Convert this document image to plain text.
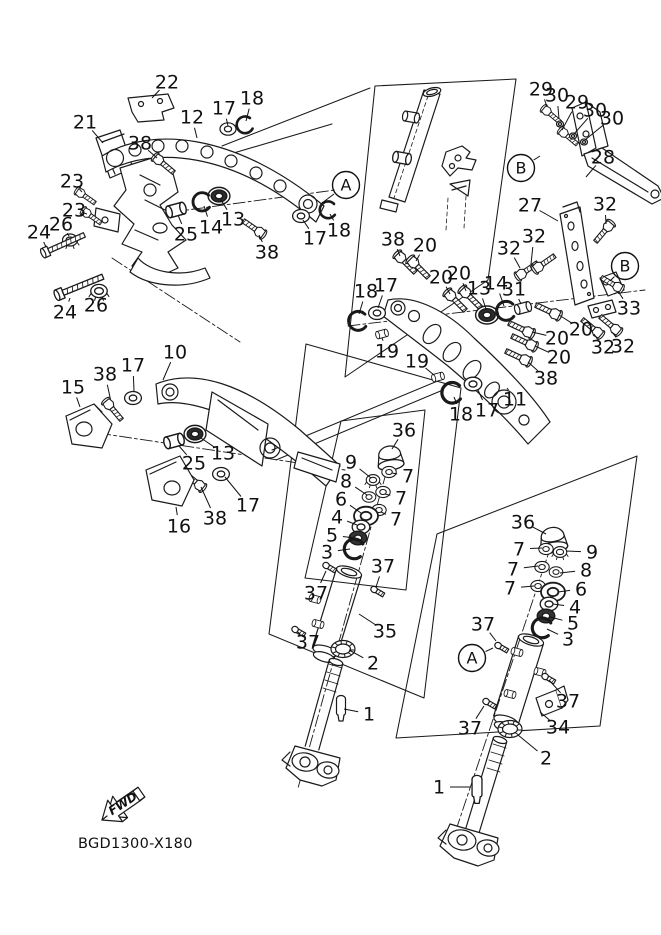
BGD1300-X180
FWD
22
21	12 17 18
38
23
23
26
24
24 26
25 14
13
38
17 18
A
29
30
29
30
30
28
B
27	32
32
32
B
33
32
32
38 20
18
17 20
20
13
14
31
19 19
20
20
20
38
18 17 11
10
15
38 17
25 13
16 38
17
36
9
7
8
7
6
7
4
5
3
37
37
37	35
2
1
36
7	9
7	8
7	6
4
5
3
37
A
37
37	34
2
1
